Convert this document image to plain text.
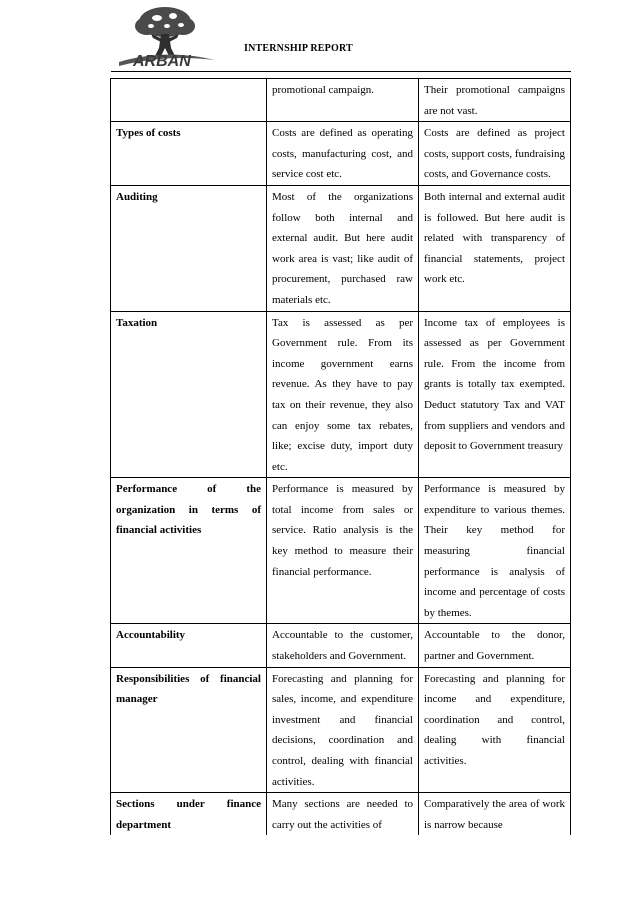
ARBAN
INTERNSHIP REPORT
	promotional campaign.	Their promotional campaigns are not vast.
Types of costs	Costs are defined as operating costs, manufacturing cost, and service cost etc.	Costs are defined as project costs, support costs, fundraising costs, and Governance costs.
Auditing	Most of the organizations follow both internal and external audit. But here audit work area is vast; like audit of procurement, purchased raw materials etc.	Both internal and external audit is followed. But here audit is related with transparency of financial statements, project work etc.
Taxation	Tax is assessed as per Government rule. From its income government earns revenue. As they have to pay tax on their revenue, they also can enjoy some tax rebates, like; excise duty, import duty etc.	Income tax of employees is assessed as per Government rule. From the income from grants is totally tax exempted. Deduct statutory Tax and VAT from suppliers and vendors and deposit to Government treasury
Performance of the organization in terms of financial activities	Performance is measured by total income from sales or service. Ratio analysis is the key method to measure their financial performance.	Performance is measured by expenditure to various themes. Their key method for measuring financial performance is analysis of income and percentage of costs by themes.
Accountability	Accountable to the customer, stakeholders and Government.	Accountable to the donor, partner and Government.
Responsibilities of financial manager	Forecasting and planning for sales, income, and expenditure investment and financial decisions, coordination and control, dealing with financial activities.	Forecasting and planning for income and expenditure, coordination and control, dealing with financial activities.
Sections under finance department	Many sections are needed to carry out the activities of	Comparatively the area of work is narrow because
